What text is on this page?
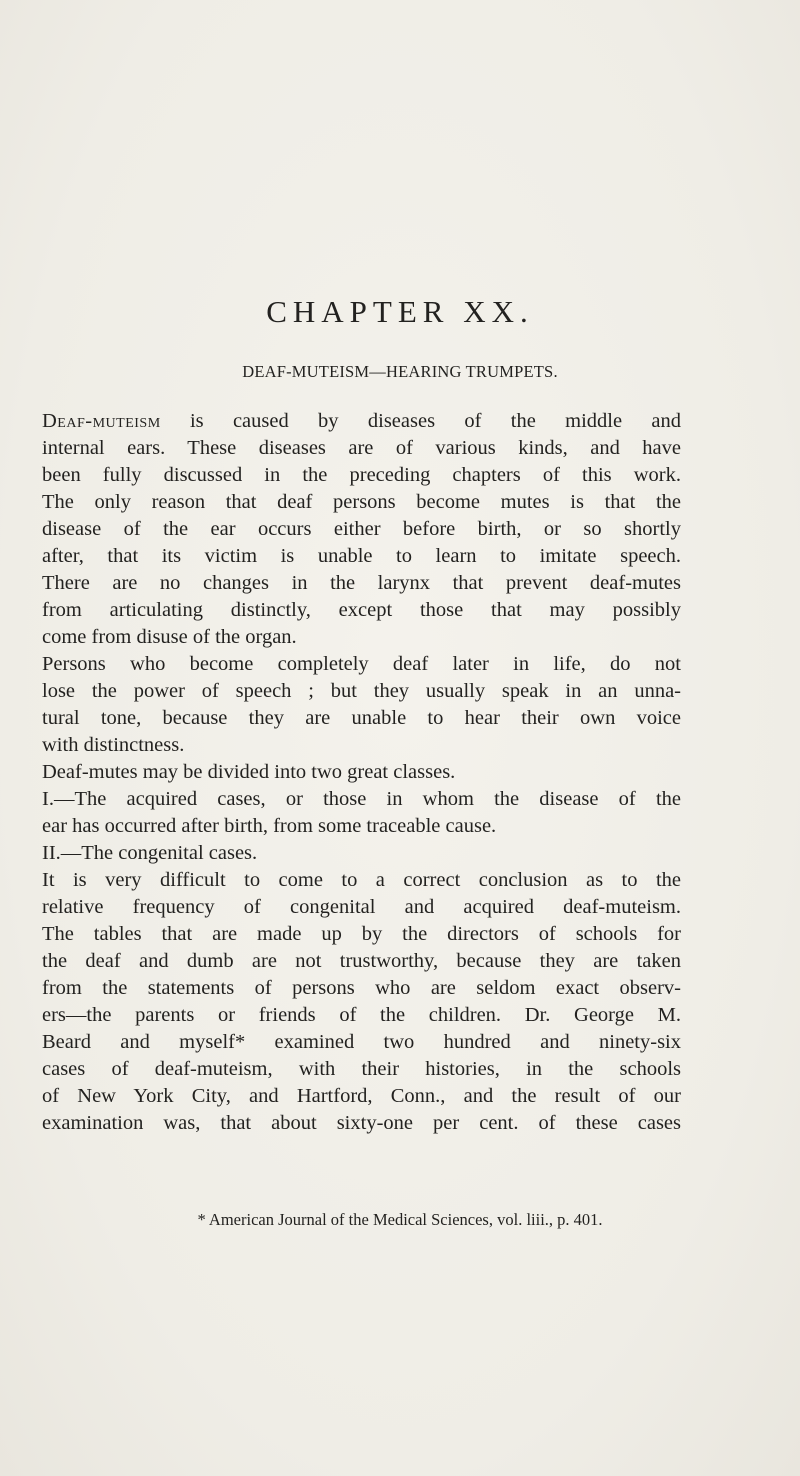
CHAPTER XX.
DEAF-MUTEISM—HEARING TRUMPETS.
Deaf-muteism is caused by diseases of the middle and
internal ears. These diseases are of various kinds, and have
been fully discussed in the preceding chapters of this work.
The only reason that deaf persons become mutes is that the
disease of the ear occurs either before birth, or so shortly
after, that its victim is unable to learn to imitate speech.
There are no changes in the larynx that prevent deaf-mutes
from articulating distinctly, except those that may possibly
come from disuse of the organ.
Persons who become completely deaf later in life, do not
lose the power of speech ; but they usually speak in an unna-
tural tone, because they are unable to hear their own voice
with distinctness.
Deaf-mutes may be divided into two great classes.
I.—The acquired cases, or those in whom the disease of the
ear has occurred after birth, from some traceable cause.
II.—The congenital cases.
It is very difficult to come to a correct conclusion as to the
relative frequency of congenital and acquired deaf-muteism.
The tables that are made up by the directors of schools for
the deaf and dumb are not trustworthy, because they are taken
from the statements of persons who are seldom exact observ-
ers—the parents or friends of the children. Dr. George M.
Beard and myself* examined two hundred and ninety-six
cases of deaf-muteism, with their histories, in the schools
of New York City, and Hartford, Conn., and the result of our
examination was, that about sixty-one per cent. of these cases
* American Journal of the Medical Sciences, vol. liii., p. 401.
